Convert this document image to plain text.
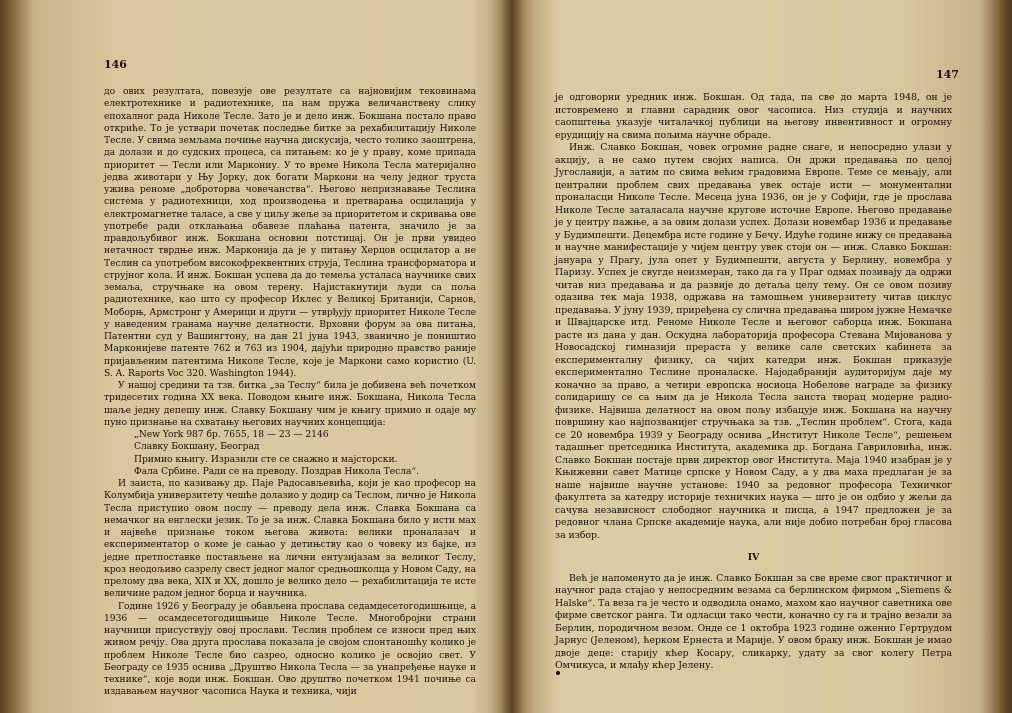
146

до ових резултата, повезује ове резултате са најновијим тековинама електротехнике и радиотехнике, па нам пружа величанствену слику епохалног рада Николе Тесле. Зато је и дело инж. Бокшана постало право откриће. То је уствари почетак последње битке за рехабилитацију Николе Тесле. У свима земљама почиње научна дискусија, често толико заоштрена, да долази и до судских процеса, са питањем: ко је у праву, коме припада приоритет — Тесли или Маркониу. У то време Никола Тесла материјално једва животари у Њу Јорку, док богати Маркони на челу једног труста ужива реноме „доброторва човечанства“. Његово непризнавање Теслина система у радиотехници, ход производења и претварања осцилација у електромагнетне таласе, а све у циљу жеље за приоритетом и скривања ове употребе ради отклањања обавезе плаћања патента, значило је за правдољубивог инж. Бокшана основни потстицај. Он је први увидео нетачност тврдње инж. Марконија да је у питању Херцов осцилатор а не Теслин са употребом високофреквентних струја, Теслина трансформатора и струјног кола. И инж. Бокшан успева да до темеља усталаса научнике свих земаља, стручњаке на овом терену. Најистакнутији људи са поља радиотехнике, као што су професор Иклес у Великој Британији, Сарнов, Моборњ, Армстронг у Америци и други — утврђују приоритет Николе Тесле у наведеним гранама научне делатности. Врховни форум за ова питања, Патентни суд у Вашингтону, на дан 21 јуна 1943, званично је поништио Марконијеве патенте 762 и 763 из 1904, дајући природно правство раније пријављеним патентима Николе Тесле, које је Маркони само користио (U. S. A. Raports Voc 320. Washington 1944).

У нашој средини та тзв. битка „за Теслу“ била је добивена већ почетком тридесетих година XX века. Поводом књиге инж. Бокшана, Никола Тесла шаље једну депешу инж. Славку Бокшану чим је књигу примио и одаје му пуно признање на схватању његових научних концепција:

„New York 987 бр. 7655, 18 — 23 — 2146

Славку Бокшану, Београд

Примио књигу. Изразили сте се снажно и мајсторски.

Фала Србине. Ради се на преводу. Поздрав Никола Тесла“.

И заиста, по казивању др. Паје Радосављевића, који је као професор на Колумбија универзитету чешће долазио у додир са Теслом, лично је Никола Тесла приступио овом послу — преводу дела инж. Славка Бокшана са немачког на енглески језик. То је за инж. Славка Бокшана било у исти мах и највеће признање током његова живота: велики проналазач и експериментатор о коме је сањао у детињству као о човеку из бајке, из једне претпоставке постављене на лични ентузијазам за великог Теслу, кроз неодољиво сазрелу свест једног малог средњошколца у Новом Саду, на прелому два века, XIX и XX, дошло је велико дело — рехабилитација те исте величине радом једног борца и научника.

Године 1926 у Београду је обављена прослава седамдесетогодишњице, а 1936 — осамдесетогодишњице Николе Тесле. Многобројни страни научници присуствују овој прослави. Теслин проблем се износи пред њих живом речју. Ова друга прослава показала је својом спонтаношћу колико је проблем Николе Тесле био сазрео, односно колико је освојио свет. У Београду се 1935 оснива „Друштво Никола Тесла — за унапређење науке и технике“, које води инж. Бокшан. Ово друштво почетком 1941 почиње са издавањем научног часописа Наука и техника, чији

147

је одговорни уредник инж. Бокшан. Од тада, па све до марта 1948, он је истовремено и главни сарадник овог часописа. Низ студија и научних саопштења указује читалачкој публици на његову инвентивност и огромну ерудицију на свима пољима научне обраде.

Инж. Славко Бокшан, човек огромне радне снаге, и непосредно улази у акцију, а не само путем својих написа. Он држи предавања по целој Југославији, а затим по свима већим градовима Европе. Теме се мењају, али централни проблем свих предавања увек остаје исти — монументални проналасци Николе Тесле. Месеца јуна 1936, он је у Софији, где је прослава Николе Тесле заталасала научне кругове источне Европе. Његово предавање је у центру пажње, а за овим долази успех. Долази новембар 1936 и предавање у Будимпешти. Децембра исте године у Бечу. Идуће године нижу се предавања и научне манифестације у чијем центру увек стоји он — инж. Славко Бокшан: јануара у Прагу, јула опет у Будимпешти, августа у Берлину, новембра у Паризу. Успех је свугде неизмеран, тако да га у Праг одмах позивају да одржи читав низ предавања и да развије до детаља целу тему. Он се овом позиву одазива тек маја 1938, одржава на тамошњем универзитету читав циклус предавања. У јуну 1939, приређена су слична предавања широм јужне Немачке и Швајцарске итд. Реноме Николе Тесле и његовог саборца инж. Бокшана расте из дана у дан. Оскудна лабораторија професора Стевана Мијовановa у Новосадској гимназији прераста у велике сале светских кабинета за експерименталну физику, са чијих катедри инж. Бокшан приказује експериментално Теслине проналаске. Најодабранији аудиторијум даје му коначно за право, а четири европска носиоца Нобелове награде за физику солидаришу се са њим да је Никола Тесла заиста творац модерне радио-физике. Највиша делатност на овом пољу избацује инж. Бокшана на научну површину као најпозванијег стручњака за тзв. „Теслин проблем“. Стога, када се 20 новембра 1939 у Београду оснива „Институт Николе Тесле“, решењем тадашњег претседника Института, академика др. Богдана Гавриловића, инж. Славко Бокшан постаје први директор овог Института. Маја 1940 изабран је у Књижевни савет Матице српске у Новом Саду, а у два маха предлаган је за наше највише научне установе: 1940 за редовног професора Техничког факултета за катедру историје техничких наука — што је он одбио у жељи да сачува независност слободног научника и писца, а 1947 предложен је за редовног члана Српске академије наука, али није добио потребан број гласова за избор.

IV

Већ је напоменуто да је инж. Славко Бокшан за све време свог практичног и научног рада стајао у непосредним везама са берлинском фирмом „Siemens & Halske“. Та веза га је често и одводила онамо, махом као научног саветника ове фирме светског ранга. Ти одласци тако чести, коначно су га и трајно везали за Берлин, породичном везом. Онде се 1 октобра 1923 године оженио Гертрудом Јарнус (Јеленом), ћерком Ернеста и Марије. У овом браку инж. Бокшан је имао двоје деце: старију кћер Косару, сликарку, удату за свог колегу Петра Омчикуса, и млађу кћер Јелену.
